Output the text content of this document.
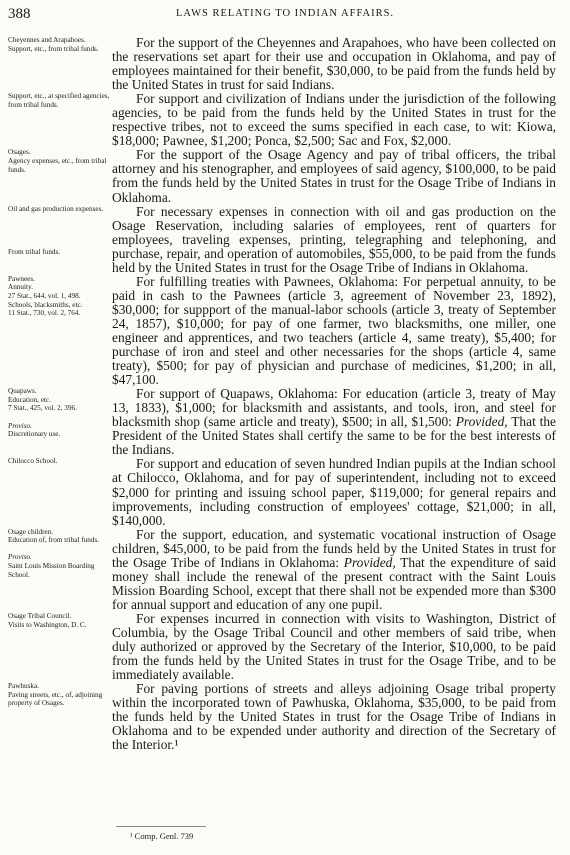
388	LAWS RELATING TO INDIAN AFFAIRS.
Cheyennes and Arapahoes.
Support, etc., from tribal funds.	For the support of the Cheyennes and Arapahoes, who have been collected on the reservations set apart for their use and occupation in Oklahoma, and pay of employees maintained for their benefit, $30,000, to be paid from the funds held by the United States in trust for said Indians.

Support, etc., at specified agencies, from tribal funds.	For support and civilization of Indians under the jurisdiction of the following agencies, to be paid from the funds held by the United States in trust for the respective tribes, not to exceed the sums specified in each case, to wit: Kiowa, $18,000; Pawnee, $1,200; Ponca, $2,500; Sac and Fox, $2,000.

Osages.
Agency expenses, etc., from tribal funds.

For the support of the Osage Agency and pay of tribal officers, the tribal attorney and his stenographer, and employees of said agency, $100,000, to be paid from the funds held by the United States in trust for the Osage Tribe of Indians in Oklahoma.

Oil and gas production expenses.

From tribal funds.

For necessary expenses in connection with oil and gas production on the Osage Reservation, including salaries of employees, rent of quarters for employees, traveling expenses, printing, telegraphing and telephoning, and purchase, repair, and operation of automobiles, $55,000, to be paid from the funds held by the United States in trust for the Osage Tribe of Indians in Oklahoma.

Pawnees.
Annuity.
27 Stat., 644, vol. 1, 498.
Schools, blacksmiths, etc.
11 Stat., 730, vol. 2, 764.

For fulfilling treaties with Pawnees, Oklahoma: For perpetual annuity, to be paid in cash to the Pawnees (article 3, agreement of November 23, 1892), $30,000; for suppport of the manual-labor schools (article 3, treaty of September 24, 1857), $10,000; for pay of one farmer, two blacksmiths, one miller, one engineer and apprentices, and two teachers (article 4, same treaty), $5,400; for purchase of iron and steel and other necessaries for the shops (article 4, same treaty), $500; for pay of physician and purchase of medicines, $1,200; in all, $47,100.

Quapaws.
Education, etc.
7 Stat., 425, vol. 2, 396.

Proviso.
Discretionary use.

For support of Quapaws, Oklahoma: For education (article 3, treaty of May 13, 1833), $1,000; for blacksmith and assistants, and tools, iron, and steel for blacksmith shop (same article and treaty), $500; in all, $1,500: Provided, That the President of the United States shall certify the same to be for the best interests of the Indians.

Chilocco School.	For support and education of seven hundred Indian pupils at the Indian school at Chilocco, Oklahoma, and for pay of superintendent, including not to exceed $2,000 for printing and issuing school paper, $119,000; for general repairs and improvements, including construction of employees' cottage, $21,000; in all, $140,000.

Osage children.
Education of, from tribal funds.

Proviso.
Saint Louis Mission Boarding School.

For the support, education, and systematic vocational instruction of Osage children, $45,000, to be paid from the funds held by the United States in trust for the Osage Tribe of Indians in Oklahoma: Provided, That the expenditure of said money shall include the renewal of the present contract with the Saint Louis Mission Boarding School, except that there shall not be expended more than $300 for annual support and education of any one pupil.

Osage Tribal Council.
Visits to Washington, D. C.	For expenses incurred in connection with visits to Washington, District of Columbia, by the Osage Tribal Council and other members of said tribe, when duly authorized or approved by the Secretary of the Interior, $10,000, to be paid from the funds held by the United States in trust for the Osage Tribe, and to be immediately available.

Pawhuska.
Paving streets, etc., of, adjoining property of Osages.

For paving portions of streets and alleys adjoining Osage tribal property within the incorporated town of Pawhuska, Oklahoma, $35,000, to be paid from the funds held by the United States in trust for the Osage Tribe of Indians in Oklahoma and to be expended under authority and direction of the Secretary of the Interior.¹

¹ Comp. Genl. 739
